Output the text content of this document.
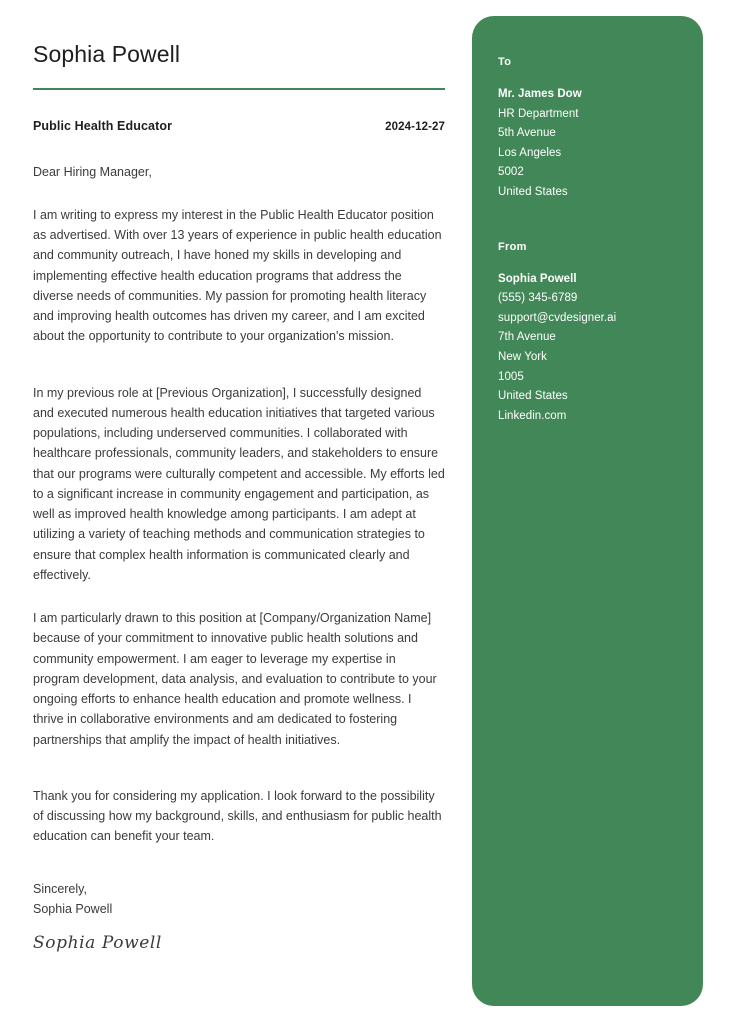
Sophia Powell
Public Health Educator	2024-12-27
Dear Hiring Manager,

I am writing to express my interest in the Public Health Educator position as advertised. With over 13 years of experience in public health education and community outreach, I have honed my skills in developing and implementing effective health education programs that address the diverse needs of communities. My passion for promoting health literacy and improving health outcomes has driven my career, and I am excited about the opportunity to contribute to your organization's mission.

In my previous role at [Previous Organization], I successfully designed and executed numerous health education initiatives that targeted various populations, including underserved communities. I collaborated with healthcare professionals, community leaders, and stakeholders to ensure that our programs were culturally competent and accessible. My efforts led to a significant increase in community engagement and participation, as well as improved health knowledge among participants. I am adept at utilizing a variety of teaching methods and communication strategies to ensure that complex health information is communicated clearly and effectively.

I am particularly drawn to this position at [Company/Organization Name] because of your commitment to innovative public health solutions and community empowerment. I am eager to leverage my expertise in program development, data analysis, and evaluation to contribute to your ongoing efforts to enhance health education and promote wellness. I thrive in collaborative environments and am dedicated to fostering partnerships that amplify the impact of health initiatives.

Thank you for considering my application. I look forward to the possibility of discussing how my background, skills, and enthusiasm for public health education can benefit your team.

Sincerely,
Sophia Powell
Sophia Powell
To
Mr. James Dow
HR Department
5th Avenue
Los Angeles
5002
United States
From
Sophia Powell
(555) 345-6789
support@cvdesigner.ai
7th Avenue
New York
1005
United States
Linkedin.com
